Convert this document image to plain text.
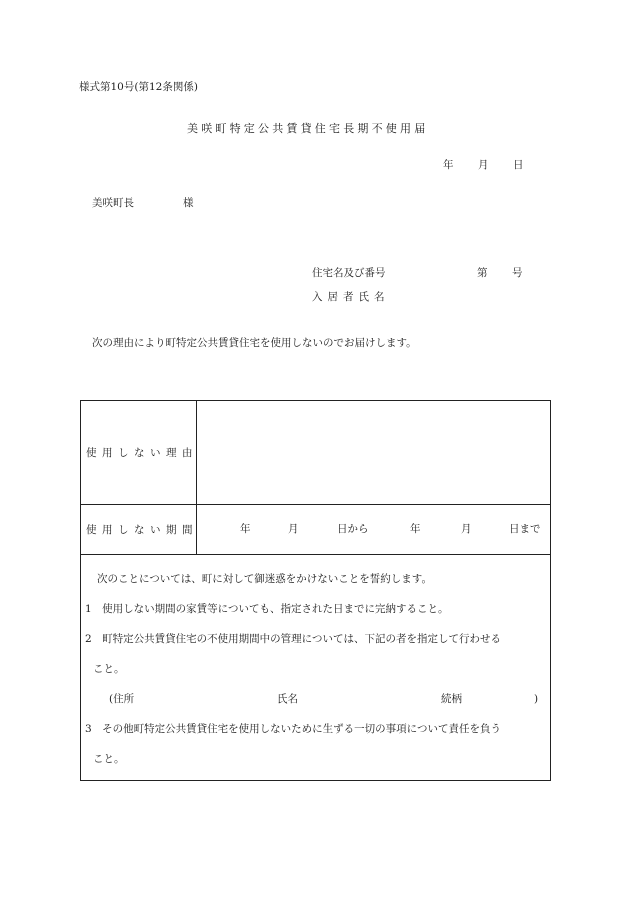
様式第10号(第12条関係)
美咲町特定公共賃貸住宅長期不使用届
年 月 日
美咲町長	様
住宅名及び番号	第 号
入居者氏名
次の理由により町特定公共賃貸住宅を使用しないのでお届けします。
使用しない理由
使用しない期間	年	月	日から	年	月	日まで
次のことについては、町に対して御迷惑をかけないことを誓約します。
1　使用しない期間の家賃等についても、指定された日までに完納すること。
2　町特定公共賃貸住宅の不使用期間中の管理については、下記の者を指定して行わせる
こと。
(住所	氏名	続柄	)
3　その他町特定公共賃貸住宅を使用しないために生ずる一切の事項について責任を負う
こと。
